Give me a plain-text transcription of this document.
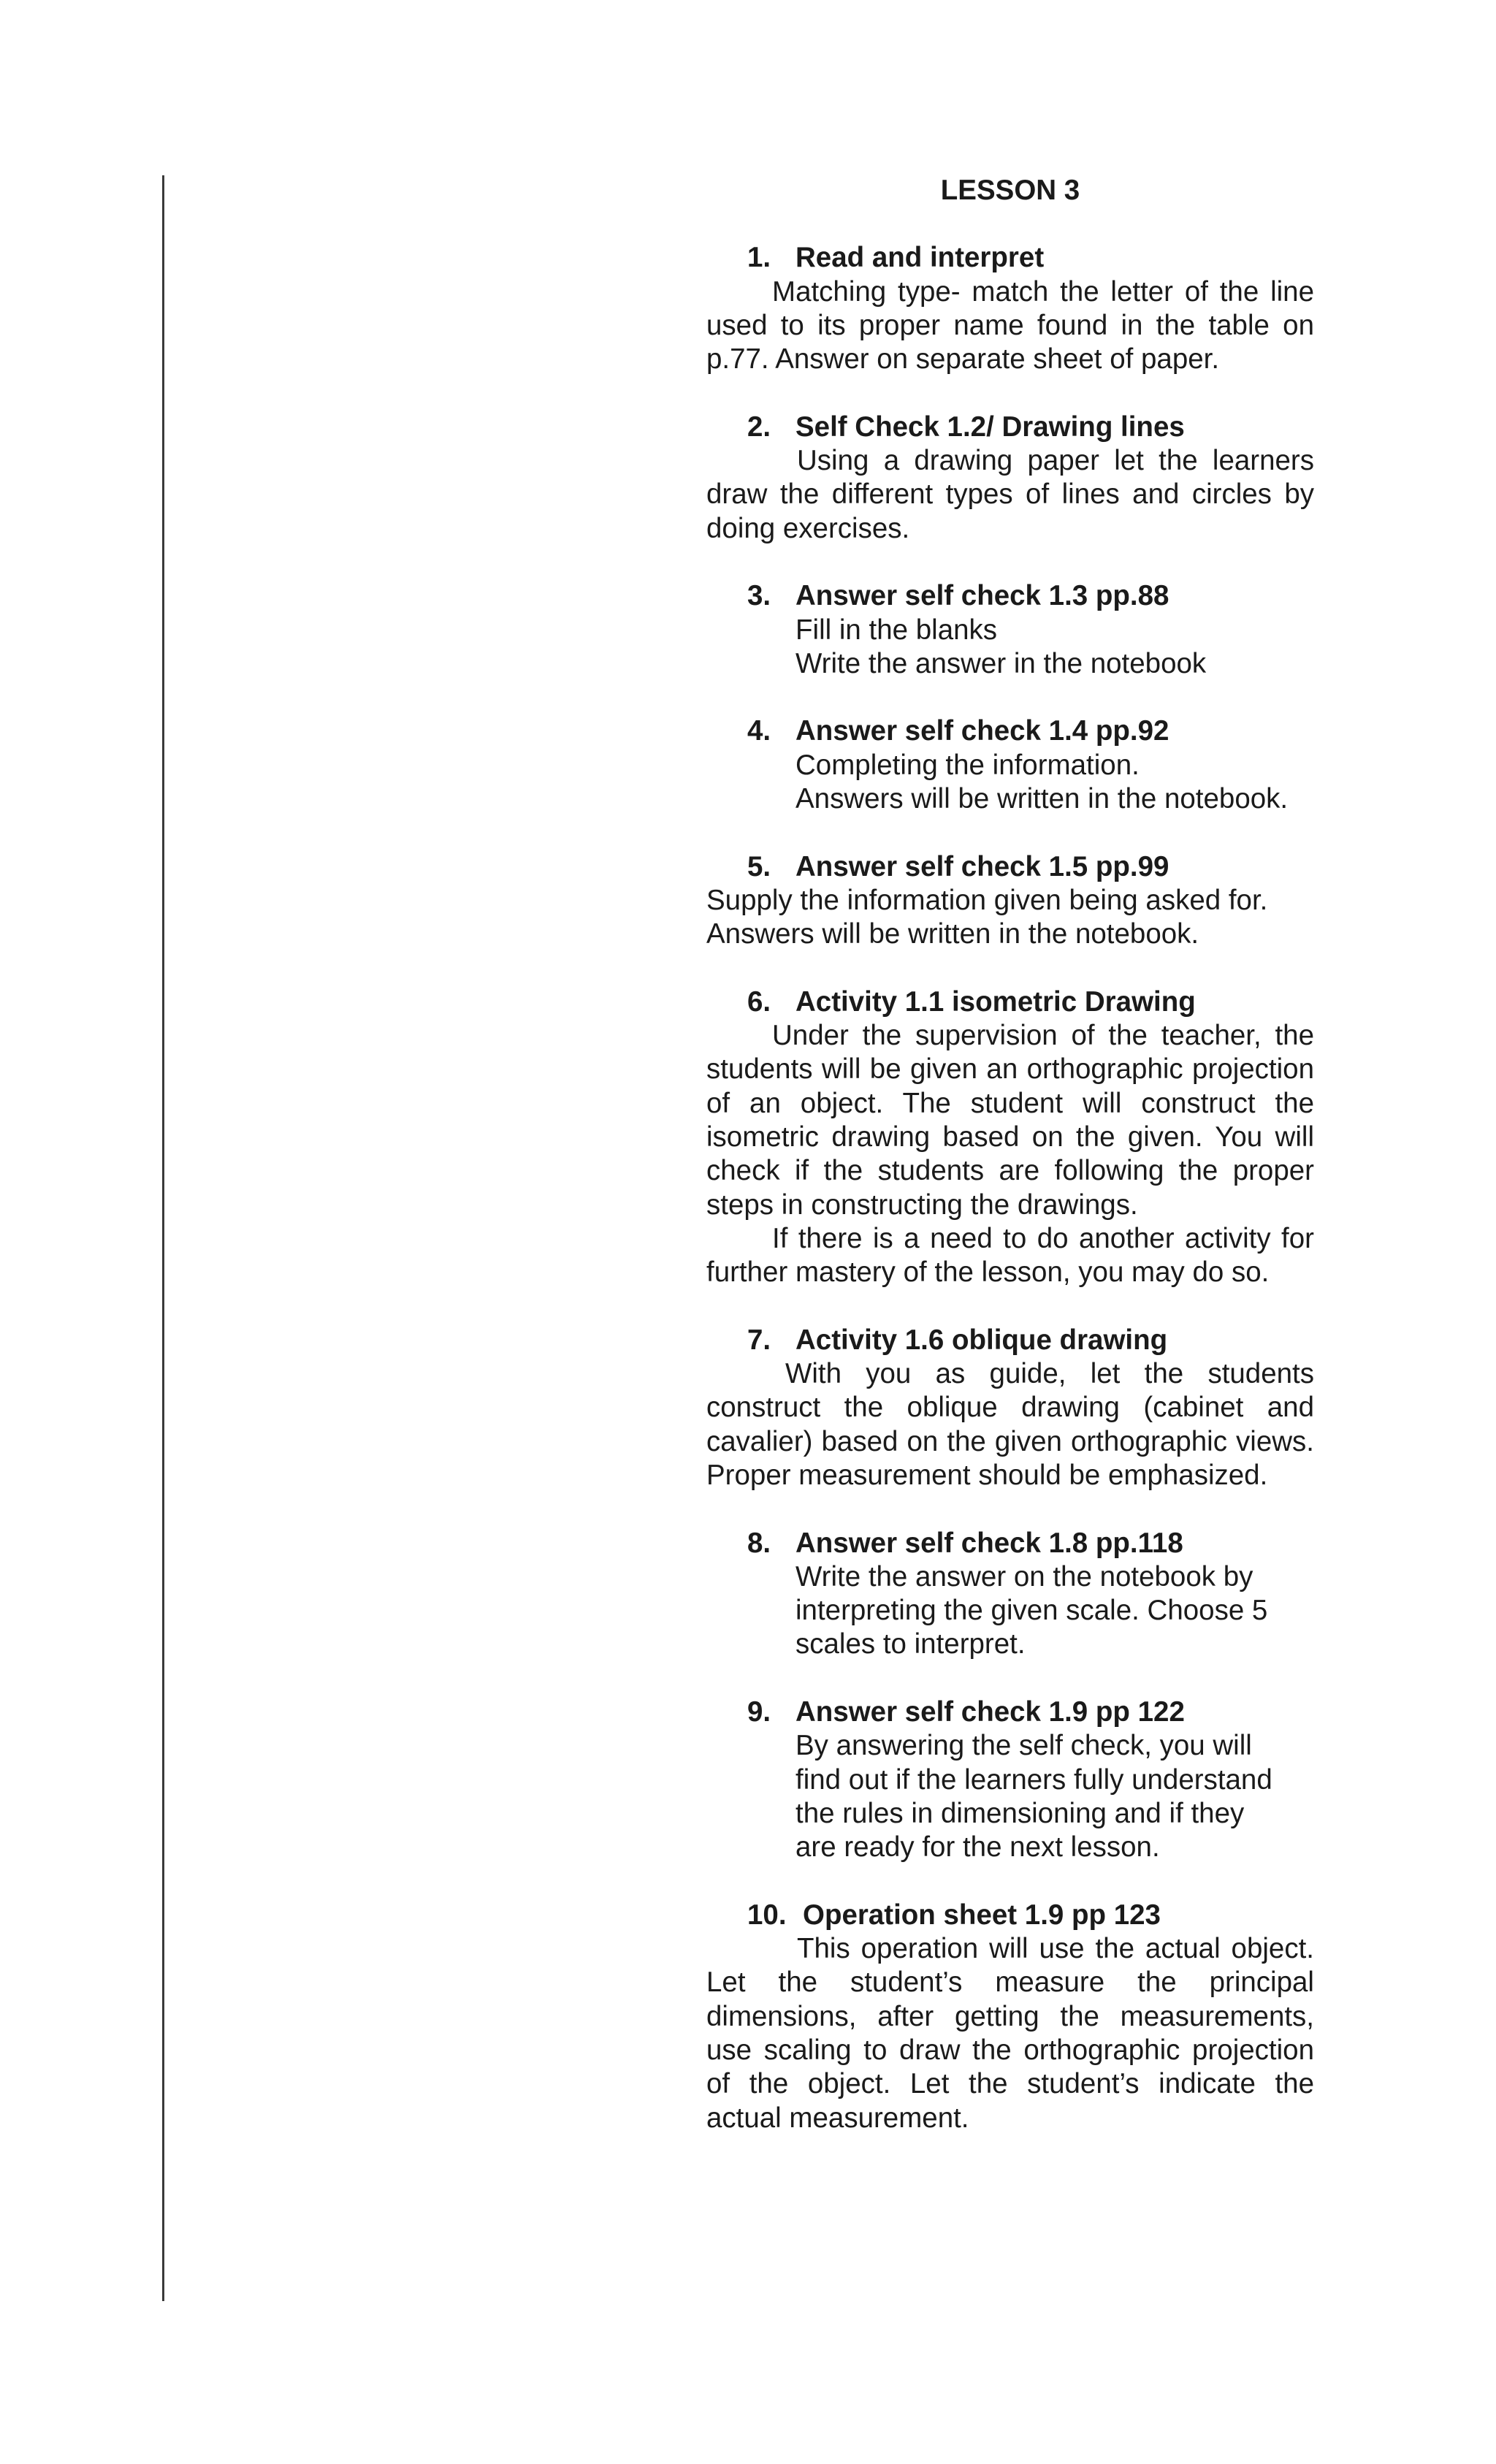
LESSON 3
1. Read and interpret

Matching type- match the letter of the line used to its proper name found in the table on p.77. Answer on separate sheet of paper.

2. Self Check 1.2/ Drawing lines

Using a drawing paper let the learners draw the different types of lines and circles by doing exercises.

3. Answer self check 1.3 pp.88
Fill in the blanks
Write the answer in the notebook
4. Answer self check 1.4 pp.92
Completing the information.
Answers will be written in the notebook.
5. Answer self check 1.5 pp.99
Supply the information given being asked for.
Answers will be written in the notebook.
6. Activity 1.1 isometric Drawing

Under the supervision of the teacher, the students will be given an orthographic projection of an object. The student will construct the isometric drawing based on the given. You will check if the students are following the proper steps in constructing the drawings.

If there is a need to do another activity for further mastery of the lesson, you may do so.

7. Activity 1.6 oblique drawing

With you as guide, let the students construct the oblique drawing (cabinet and cavalier) based on the given orthographic views. Proper measurement should be emphasized.

8. Answer self check 1.8 pp.118
Write the answer on the notebook by
interpreting the given scale. Choose 5
scales to interpret.
9. Answer self check 1.9 pp 122
By answering the self check, you will
find out if the learners fully understand
the rules in dimensioning and if they
are ready for the next lesson.
10. Operation sheet 1.9 pp 123

This operation will use the actual object. Let the student’s measure the principal dimensions, after getting the measurements, use scaling to draw the orthographic projection of the object. Let the student’s indicate the actual measurement.
